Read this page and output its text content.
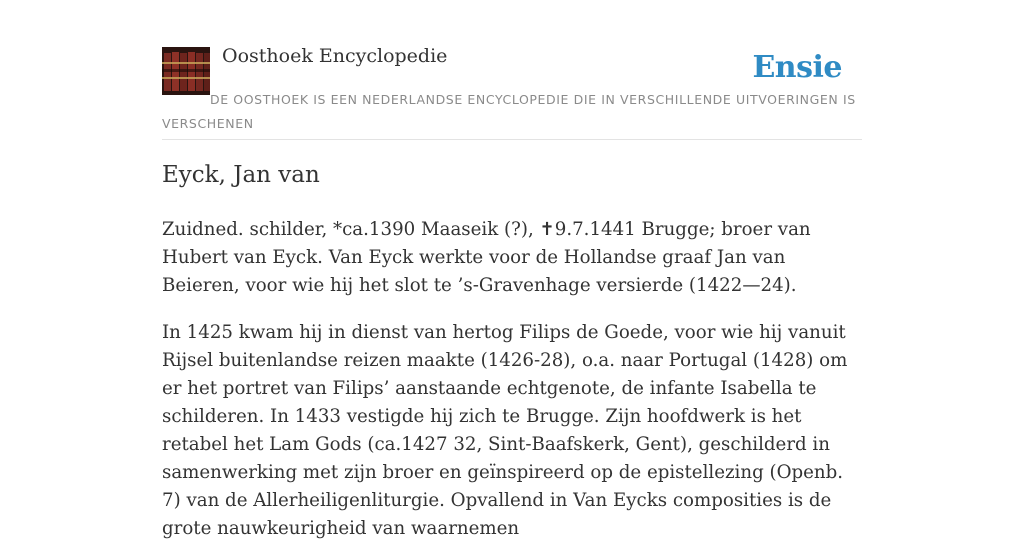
Oosthoek Encyclopedie	Ensie
DE OOSTHOEK IS EEN NEDERLANDSE ENCYCLOPEDIE DIE IN VERSCHILLENDE UITVOERINGEN IS VERSCHENEN
Eyck, Jan van

Zuidned. schilder, *ca.1390 Maaseik (?), ✝9.7.1441 Brugge; broer van Hubert van Eyck. Van Eyck werkte voor de Hollandse graaf Jan van Beieren, voor wie hij het slot te ’s-Gravenhage versierde (1422—24).

In 1425 kwam hij in dienst van hertog Filips de Goede, voor wie hij vanuit Rijsel buitenlandse reizen maakte (1426-28), o.a. naar Portugal (1428) om er het portret van Filips’ aanstaande echtgenote, de infante Isabella te schilderen. In 1433 vestigde hij zich te Brugge. Zijn hoofdwerk is het retabel het Lam Gods (ca.1427 32, Sint-Baafskerk, Gent), geschilderd in samenwerking met zijn broer en geïnspireerd op de epistellezing (Openb. 7) van de Allerheiligenliturgie. Opvallend in Van Eycks composities is de grote nauwkeurigheid van waarnemen
